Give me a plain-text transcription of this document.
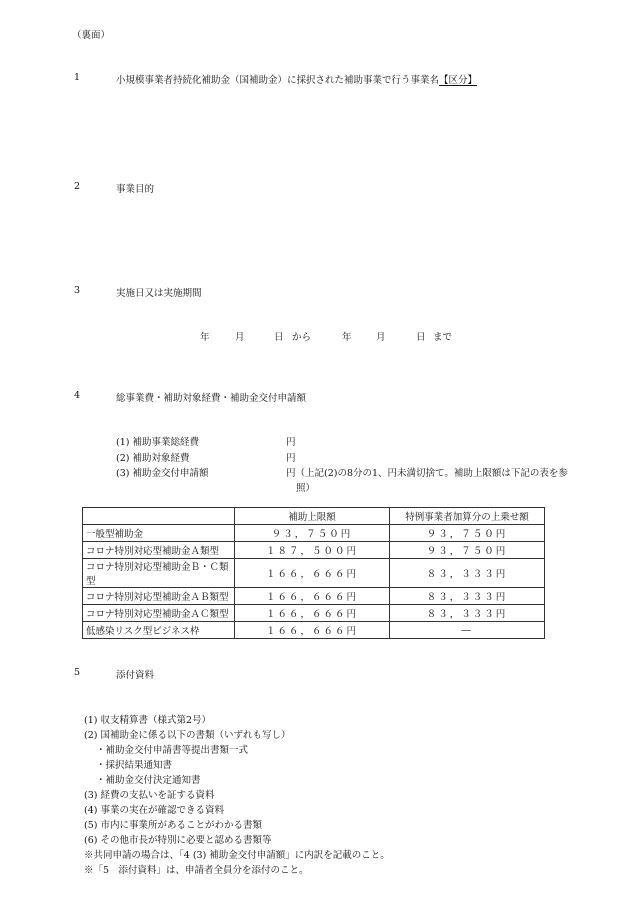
（裏面）
1	小規模事業者持続化補助金（国補助金）に採択された補助事業で行う事業名【区分】
2	事業目的
3	実施日又は実施期間
年	月	日 から	年	月	日 まで
4	総事業費・補助対象経費・補助金交付申請額
(1) 補助事業総経費	円
(2) 補助対象経費	円
(3) 補助金交付申請額	円（上記(2)の8分の1、円未満切捨て。補助上限額は下記の表を参
照）
	補助上限額	特例事業者加算分の上乗せ額
一般型補助金	９３，７５０円	９３，７５０円
コロナ特別対応型補助金Ａ類型	１８７，５００円	９３，７５０円
コロナ特別対応型補助金Ｂ・Ｃ類型	１６６，６６６円	８３，３３３円
コロナ特別対応型補助金ＡＢ類型	１６６，６６６円	８３，３３３円
コロナ特別対応型補助金ＡＣ類型	１６６，６６６円	８３，３３３円
低感染リスク型ビジネス枠	１６６，６６６円	―
5	添付資料
(1) 収支精算書（様式第2号）
(2) 国補助金に係る以下の書類（いずれも写し）
・補助金交付申請書等提出書類一式
・採択結果通知書
・補助金交付決定通知書
(3) 経費の支払いを証する資料
(4) 事業の実在が確認できる資料
(5) 市内に事業所があることがわかる書類
(6) その他市長が特別に必要と認める書類等
※共同申請の場合は、「4 (3) 補助金交付申請額」に内訳を記載のこと。
※「5　添付資料」は、申請者全員分を添付のこと。
